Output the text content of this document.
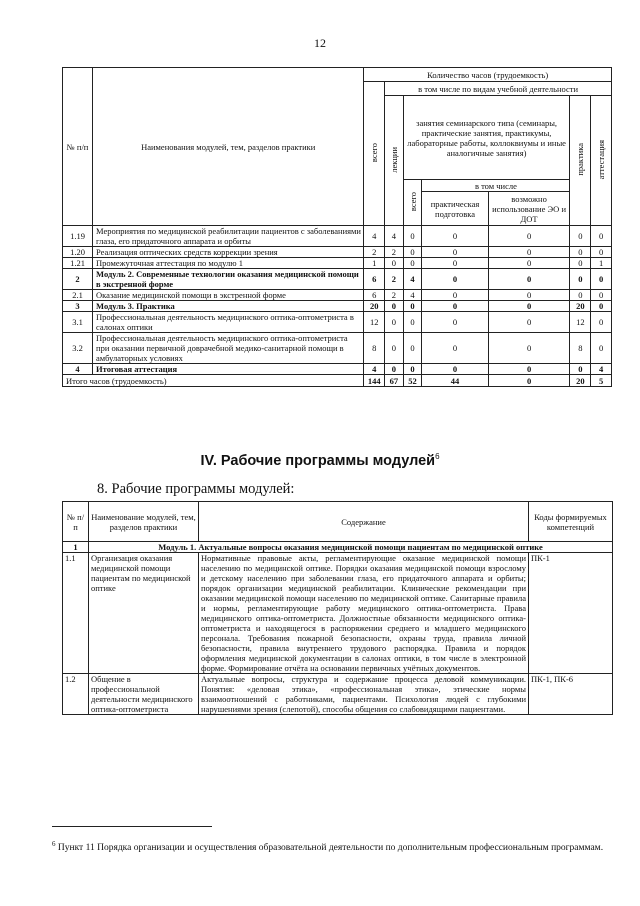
12
№ п/п	Наименования модулей, тем, разделов практики	Количество часов (трудоемкость)						
		всего	в том числе по видам учебной деятельности					
			лекции	занятия семинарского типа (семинары, практические занятия, практикумы, лабораторные работы, коллоквиумы и иные аналогичные занятия)			практика	аттестация
				всего	в том числе			
					практическая подготовка	возможно использование ЭО и ДОТ		
1.19	Мероприятия по медицинской реабилитации пациентов с заболеваниями глаза, его придаточного аппарата и орбиты	4	4	0	0	0	0	0
1.20	Реализация оптических средств коррекции зрения	2	2	0	0	0	0	0
1.21	Промежуточная аттестация по модулю 1	1	0	0	0	0	0	1
2	Модуль 2. Современные технологии оказания медицинской помощи в экстренной форме	6	2	4	0	0	0	0
2.1	Оказание медицинской помощи в экстренной форме	6	2	4	0	0	0	0
3	Модуль 3. Практика	20	0	0	0	0	20	0
3.1	Профессиональная деятельность медицинского оптика-оптометриста в салонах оптики	12	0	0	0	0	12	0
3.2	Профессиональная деятельность медицинского оптика-оптометриста при оказании первичной доврачебной медико-санитарной помощи в амбулаторных условиях	8	0	0	0	0	8	0
4	Итоговая аттестация	4	0	0	0	0	0	4
Итого часов (трудоемкость)		144	67	52	44	0	20	5
IV. Рабочие программы модулей$^6$
8. Рабочие программы модулей:
№ п/п	Наименование модулей, тем, разделов практики	Содержание	Коды формируемых компетенций
1	Модуль 1. Актуальные вопросы оказания медицинской помощи пациентам по медицинской оптике		
1.1	Организация оказания медицинской помощи пациентам по медицинской оптике	Нормативные правовые акты, регламентирующие оказание медицинской помощи населению по медицинской оптике. Порядки оказания медицинской помощи взрослому и детскому населению при заболевании глаза, его придаточного аппарата и орбиты; порядок организации медицинской реабилитации. Клинические рекомендации при оказании медицинской помощи населению по медицинской оптике. Санитарные правила и нормы, регламентирующие работу медицинского оптика-оптометриста. Права медицинского оптика-оптометриста. Должностные обязанности медицинского оптика-оптометриста и находящегося в распоряжении среднего и младшего медицинского персонала. Требования пожарной безопасности, охраны труда, правила личной безопасности, правила внутреннего трудового распорядка. Правила и порядок оформления медицинской документации в салонах оптики, в том числе в электронной форме. Формирование отчёта на основании первичных учётных документов.	ПК-1
1.2	Общение в профессиональной деятельности медицинского оптика-оптометриста	Актуальные вопросы, структура и содержание процесса деловой коммуникации. Понятия: «деловая этика», «профессиональная этика», этические нормы взаимоотношений с работниками, пациентами. Психология людей с глубокими нарушениями зрения (слепотой), способы общения со слабовидящими пациентами.	ПК-1, ПК-6
$^6$ Пункт 11 Порядка организации и осуществления образовательной деятельности по дополнительным профессиональным программам.
